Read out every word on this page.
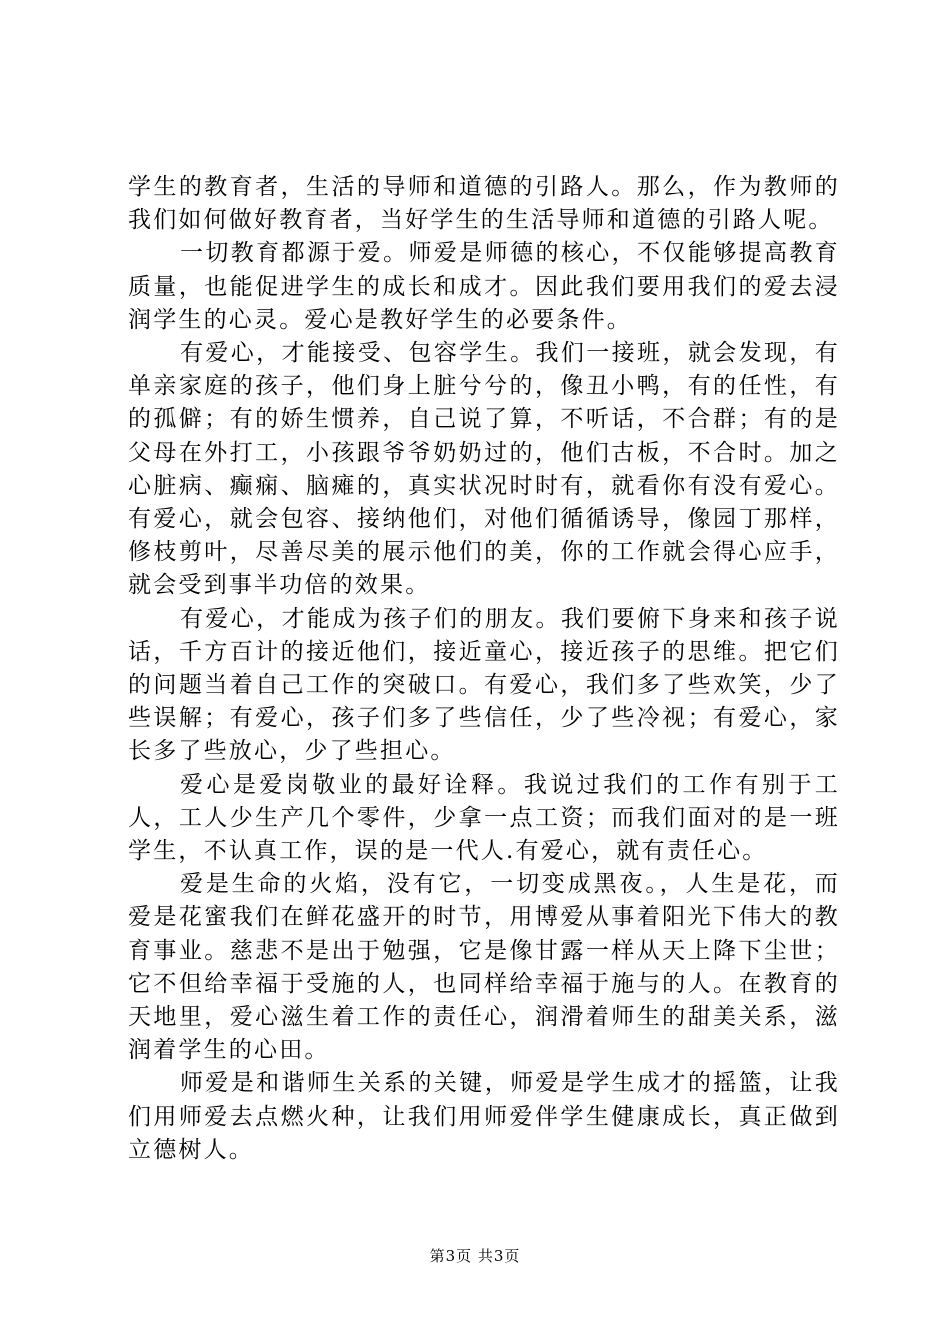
学生的教育者，生活的导师和道德的引路人。那么，作为教师的我们如何做好教育者，当好学生的生活导师和道德的引路人呢。

一切教育都源于爱。师爱是师德的核心，不仅能够提高教育质量，也能促进学生的成长和成才。因此我们要用我们的爱去浸润学生的心灵。爱心是教好学生的必要条件。

有爱心，才能接受、包容学生。我们一接班，就会发现，有单亲家庭的孩子，他们身上脏兮兮的，像丑小鸭，有的任性，有的孤僻；有的娇生惯养，自己说了算，不听话，不合群；有的是父母在外打工，小孩跟爷爷奶奶过的，他们古板，不合时。加之心脏病、癫痫、脑瘫的，真实状况时时有，就看你有没有爱心。有爱心，就会包容、接纳他们，对他们循循诱导，像园丁那样，修枝剪叶，尽善尽美的展示他们的美，你的工作就会得心应手，就会受到事半功倍的效果。

有爱心，才能成为孩子们的朋友。我们要俯下身来和孩子说话，千方百计的接近他们，接近童心，接近孩子的思维。把它们的问题当着自己工作的突破口。有爱心，我们多了些欢笑，少了些误解；有爱心，孩子们多了些信任，少了些冷视；有爱心，家长多了些放心，少了些担心。

爱心是爱岗敬业的最好诠释。我说过我们的工作有别于工人，工人少生产几个零件，少拿一点工资；而我们面对的是一班学生，不认真工作，误的是一代人.有爱心，就有责任心。

爱是生命的火焰，没有它，一切变成黑夜。，人生是花，而爱是花蜜我们在鲜花盛开的时节，用博爱从事着阳光下伟大的教育事业。慈悲不是出于勉强，它是像甘露一样从天上降下尘世；它不但给幸福于受施的人，也同样给幸福于施与的人。在教育的天地里，爱心滋生着工作的责任心，润滑着师生的甜美关系，滋润着学生的心田。

师爱是和谐师生关系的关键，师爱是学生成才的摇篮，让我们用师爱去点燃火种，让我们用师爱伴学生健康成长，真正做到立德树人。

第3页 共3页
